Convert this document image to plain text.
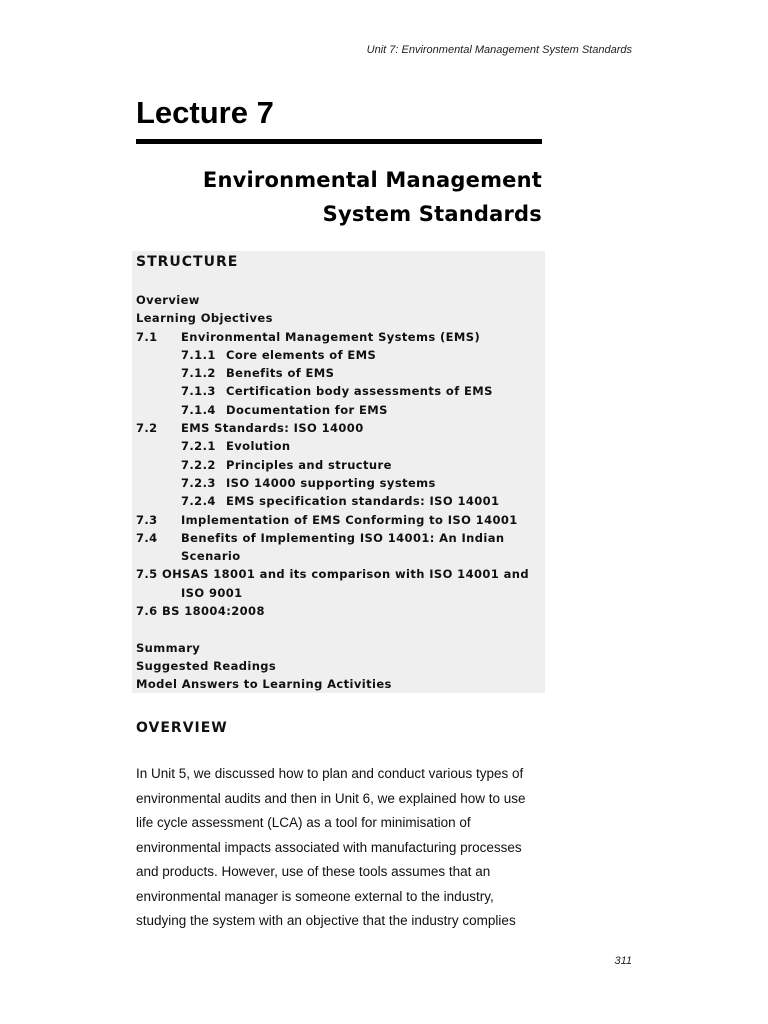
Unit 7: Environmental Management System Standards
Lecture 7
Environmental Management
System Standards
STRUCTURE
Overview
Learning Objectives
7.1 Environmental Management Systems (EMS)
7.1.1 Core elements of EMS
7.1.2 Benefits of EMS
7.1.3 Certification body assessments of EMS
7.1.4 Documentation for EMS
7.2 EMS Standards: ISO 14000
7.2.1 Evolution
7.2.2 Principles and structure
7.2.3 ISO 14000 supporting systems
7.2.4 EMS specification standards: ISO 14001
7.3 Implementation of EMS Conforming to ISO 14001
7.4 Benefits of Implementing ISO 14001: An Indian
Scenario
7.5 OHSAS 18001 and its comparison with ISO 14001 and
ISO 9001
7.6 BS 18004:2008
Summary
Suggested Readings
Model Answers to Learning Activities
OVERVIEW
In Unit 5, we discussed how to plan and conduct various types of
environmental audits and then in Unit 6, we explained how to use
life cycle assessment (LCA) as a tool for minimisation of
environmental impacts associated with manufacturing processes
and products. However, use of these tools assumes that an
environmental manager is someone external to the industry,
studying the system with an objective that the industry complies
311
